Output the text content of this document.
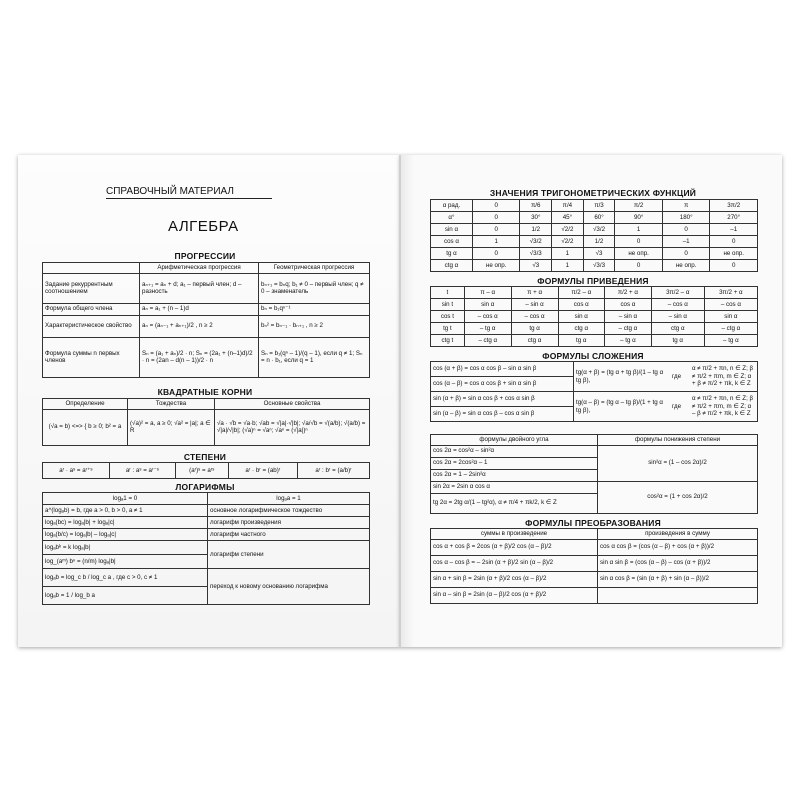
СПРАВОЧНЫЙ МАТЕРИАЛ
АЛГЕБРА
ПРОГРЕССИИ
	Арифметическая прогрессия	Геометрическая прогрессия
Задание рекуррентным соотношением	aₙ₊₁ = aₙ + d; a₁ – первый член; d – разность	bₙ₊₁ = bₙq; b₁ ≠ 0 – первый член; q ≠ 0 – знаменатель
Формула общего члена	aₙ = a₁ + (n – 1)d	bₙ = b₁qⁿ⁻¹
Характеристическое свойство	aₙ = (aₙ₋₁ + aₙ₊₁)/2 , n ≥ 2	bₙ² = bₙ₋₁ · bₙ₊₁ , n ≥ 2
Формула суммы n первых членов	Sₙ = (a₁ + aₙ)/2 · n; Sₙ = (2a₁ + (n–1)d)/2 · n = (2an – d(n – 1))/2 · n	Sₙ = b₁(qⁿ – 1)/(q – 1), если q ≠ 1; Sₙ = n · b₁, если q = 1
КВАДРАТНЫЕ КОРНИ
Определение	Тождества	Основные свойства
(√a = b) <=> { b ≥ 0; b² = a	(√a)² = a, a ≥ 0; √a² = |a|; a ∈ R	√a · √b = √a·b; √ab = √|a|·√|b|; √a/√b = √(a/b); √(a/b) = √|a|/√|b|; (√a)ⁿ = √aⁿ; √aⁿ = (√|a|)ⁿ
СТЕПЕНИ
aʳ · aˢ = aʳ⁺ˢ	aʳ : aˢ = aʳ⁻ˢ	(aʳ)ˢ = aʳˢ	aʳ · bʳ = (ab)ʳ	aʳ : bʳ = (a/b)ʳ
ЛОГАРИФМЫ
logₐ1 = 0	logₐa = 1
a^(logₐb) = b, где a > 0, b > 0, a ≠ 1	основное логарифмическое тождество
logₐ(bc) = logₐ|b| + logₐ|c|	логарифм произведения
logₐ(b/c) = logₐ|b| – logₐ|c|	логарифм частного
logₐbᵏ = k logₐ|b|	логарифм степени
log_(aᵐ) bⁿ = (n/m) logₐ|b|	
logₐb = log_c b / log_c a , где c > 0, c ≠ 1	переход к новому основанию логарифма
logₐb = 1 / log_b a	
ЗНАЧЕНИЯ ТРИГОНОМЕТРИЧЕСКИХ ФУНКЦИЙ
α рад.	0	π/6	π/4	π/3	π/2	π	3π/2
α°	0	30°	45°	60°	90°	180°	270°
sin α	0	1/2	√2/2	√3/2	1	0	–1
cos α	1	√3/2	√2/2	1/2	0	–1	0
tg α	0	√3/3	1	√3	не опр.	0	не опр.
ctg α	не опр.	√3	1	√3/3	0	не опр.	0
ФОРМУЛЫ ПРИВЕДЕНИЯ
t	π – α	π + α	π/2 – α	π/2 + α	3π/2 – α	3π/2 + α
sin t	sin α	– sin α	cos α	cos α	– cos α	– cos α
cos t	– cos α	– cos α	sin α	– sin α	– sin α	sin α
tg t	– tg α	tg α	ctg α	– ctg α	ctg α	– ctg α
ctg t	– ctg α	ctg α	tg α	– tg α	tg α	– tg α
ФОРМУЛЫ СЛОЖЕНИЯ
cos (α + β) = cos α cos β – sin α sin β	tg(α + β) = (tg α + tg β)/(1 – tg α tg β),	где	α ≠ π/2 + πn, n ∈ Z; β ≠ π/2 + πm, m ∈ Z; α + β ≠ π/2 + πk, k ∈ Z
cos (α – β) = cos α cos β + sin α sin β			
sin (α + β) = sin α cos β + cos α sin β	tg(α – β) = (tg α – tg β)/(1 + tg α tg β),	где	α ≠ π/2 + πn, n ∈ Z; β ≠ π/2 + πm, m ∈ Z; α – β ≠ π/2 + πk, k ∈ Z
sin (α – β) = sin α cos β – cos α sin β			
формулы двойного угла	формулы понижения степени
cos 2α = cos²α – sin²α	sin²α = (1 – cos 2α)/2
cos 2α = 2cos²α – 1	
cos 2α = 1 – 2sin²α	
sin 2α = 2sin α cos α	cos²α = (1 + cos 2α)/2
tg 2α = 2tg α/(1 – tg²α), α ≠ π/4 + πk/2, k ∈ Z	
ФОРМУЛЫ ПРЕОБРАЗОВАНИЯ
суммы в произведение	произведения в сумму
cos α + cos β = 2cos (α + β)/2 cos (α – β)/2	cos α cos β = (cos (α – β) + cos (α + β))/2
cos α – cos β = – 2sin (α + β)/2 sin (α – β)/2	sin α sin β = (cos (α – β) – cos (α + β))/2
sin α + sin β = 2sin (α + β)/2 cos (α – β)/2	sin α cos β = (sin (α + β) + sin (α – β))/2
sin α – sin β = 2sin (α – β)/2 cos (α + β)/2	
